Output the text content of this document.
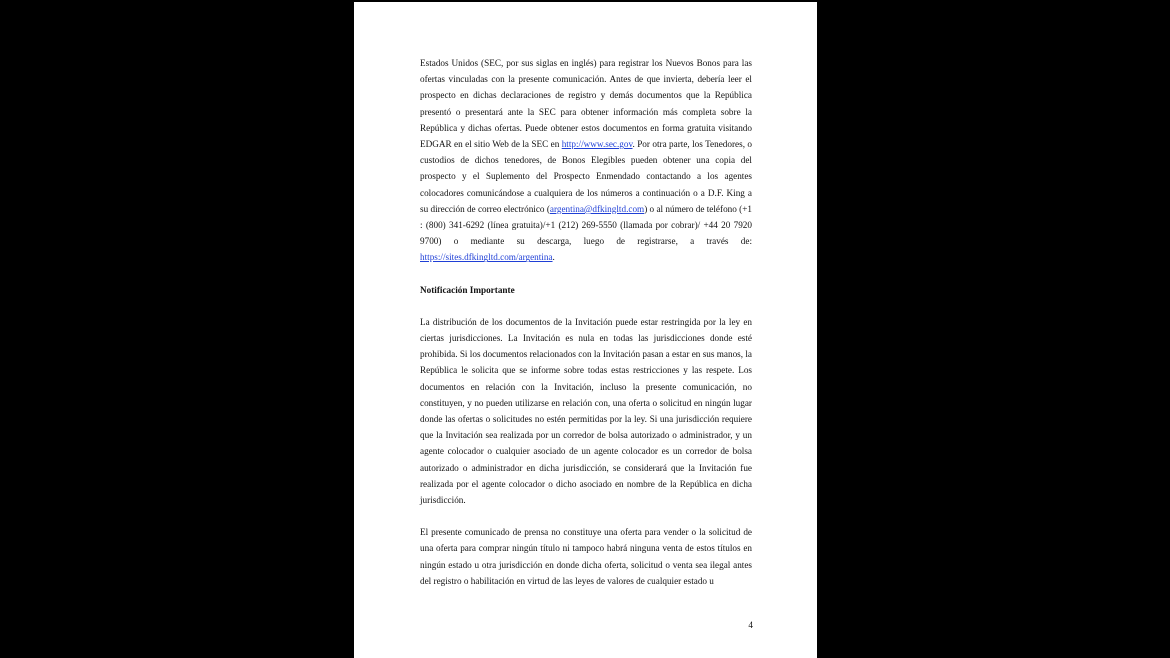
Estados Unidos (SEC, por sus siglas en inglés) para registrar los Nuevos Bonos para las ofertas vinculadas con la presente comunicación. Antes de que invierta, debería leer el prospecto en dichas declaraciones de registro y demás documentos que la República presentó o presentará ante la SEC para obtener información más completa sobre la República y dichas ofertas. Puede obtener estos documentos en forma gratuita visitando EDGAR en el sitio Web de la SEC en http://www.sec.gov. Por otra parte, los Tenedores, o custodios de dichos tenedores, de Bonos Elegibles pueden obtener una copia del prospecto y el Suplemento del Prospecto Enmendado contactando a los agentes colocadores comunicándose a cualquiera de los números a continuación o a D.F. King a su dirección de correo electrónico (argentina@dfkingltd.com) o al número de teléfono (+1 : (800) 341-6292 (línea gratuita)/+1 (212) 269-5550 (llamada por cobrar)/ +44 20 7920 9700) o mediante su descarga, luego de registrarse, a través de: https://sites.dfkingltd.com/argentina.

Notificación Importante

La distribución de los documentos de la Invitación puede estar restringida por la ley en ciertas jurisdicciones. La Invitación es nula en todas las jurisdicciones donde esté prohibida. Si los documentos relacionados con la Invitación pasan a estar en sus manos, la República le solicita que se informe sobre todas estas restricciones y las respete. Los documentos en relación con la Invitación, incluso la presente comunicación, no constituyen, y no pueden utilizarse en relación con, una oferta o solicitud en ningún lugar donde las ofertas o solicitudes no estén permitidas por la ley. Si una jurisdicción requiere que la Invitación sea realizada por un corredor de bolsa autorizado o administrador, y un agente colocador o cualquier asociado de un agente colocador es un corredor de bolsa autorizado o administrador en dicha jurisdicción, se considerará que la Invitación fue realizada por el agente colocador o dicho asociado en nombre de la República en dicha jurisdicción.

El presente comunicado de prensa no constituye una oferta para vender o la solicitud de una oferta para comprar ningún título ni tampoco habrá ninguna venta de estos títulos en ningún estado u otra jurisdicción en donde dicha oferta, solicitud o venta sea ilegal antes del registro o habilitación en virtud de las leyes de valores de cualquier estado u

4
